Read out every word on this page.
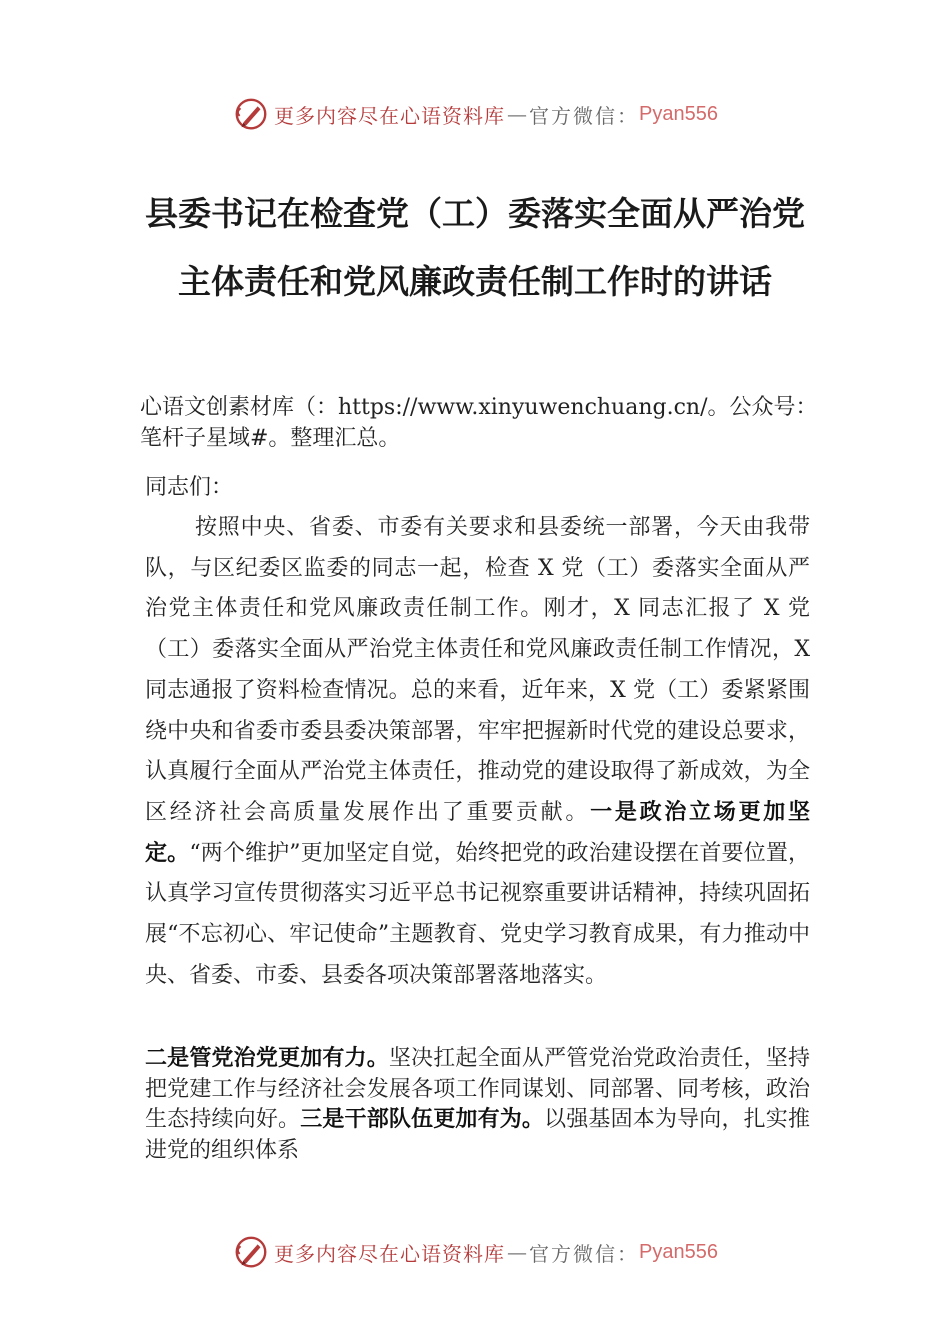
更多内容尽在心语资料库 — 官方微信： Pyan556
县委书记在检查党（工）委落实全面从严治党主体责任和党风廉政责任制工作时的讲话
心语文创素材库（：https://www.xinyuwenchuang.cn/。公众号：笔杆子星域#。整理汇总。
同志们：
按照中央、省委、市委有关要求和县委统一部署，今天由我带队，与区纪委区监委的同志一起，检查 X 党（工）委落实全面从严治党主体责任和党风廉政责任制工作。刚才，X 同志汇报了 X 党（工）委落实全面从严治党主体责任和党风廉政责任制工作情况，X 同志通报了资料检查情况。总的来看，近年来，X 党（工）委紧紧围绕中央和省委市委县委决策部署，牢牢把握新时代党的建设总要求，认真履行全面从严治党主体责任，推动党的建设取得了新成效，为全区经济社会高质量发展作出了重要贡献。一是政治立场更加坚定。“两个维护”更加坚定自觉，始终把党的政治建设摆在首要位置，认真学习宣传贯彻落实习近平总书记视察重要讲话精神，持续巩固拓展“不忘初心、牢记使命”主题教育、党史学习教育成果，有力推动中央、省委、市委、县委各项决策部署落地落实。
二是管党治党更加有力。坚决扛起全面从严管党治党政治责任，坚持把党建工作与经济社会发展各项工作同谋划、同部署、同考核，政治生态持续向好。三是干部队伍更加有为。以强基固本为导向，扎实推进党的组织体系
更多内容尽在心语资料库 — 官方微信： Pyan556
